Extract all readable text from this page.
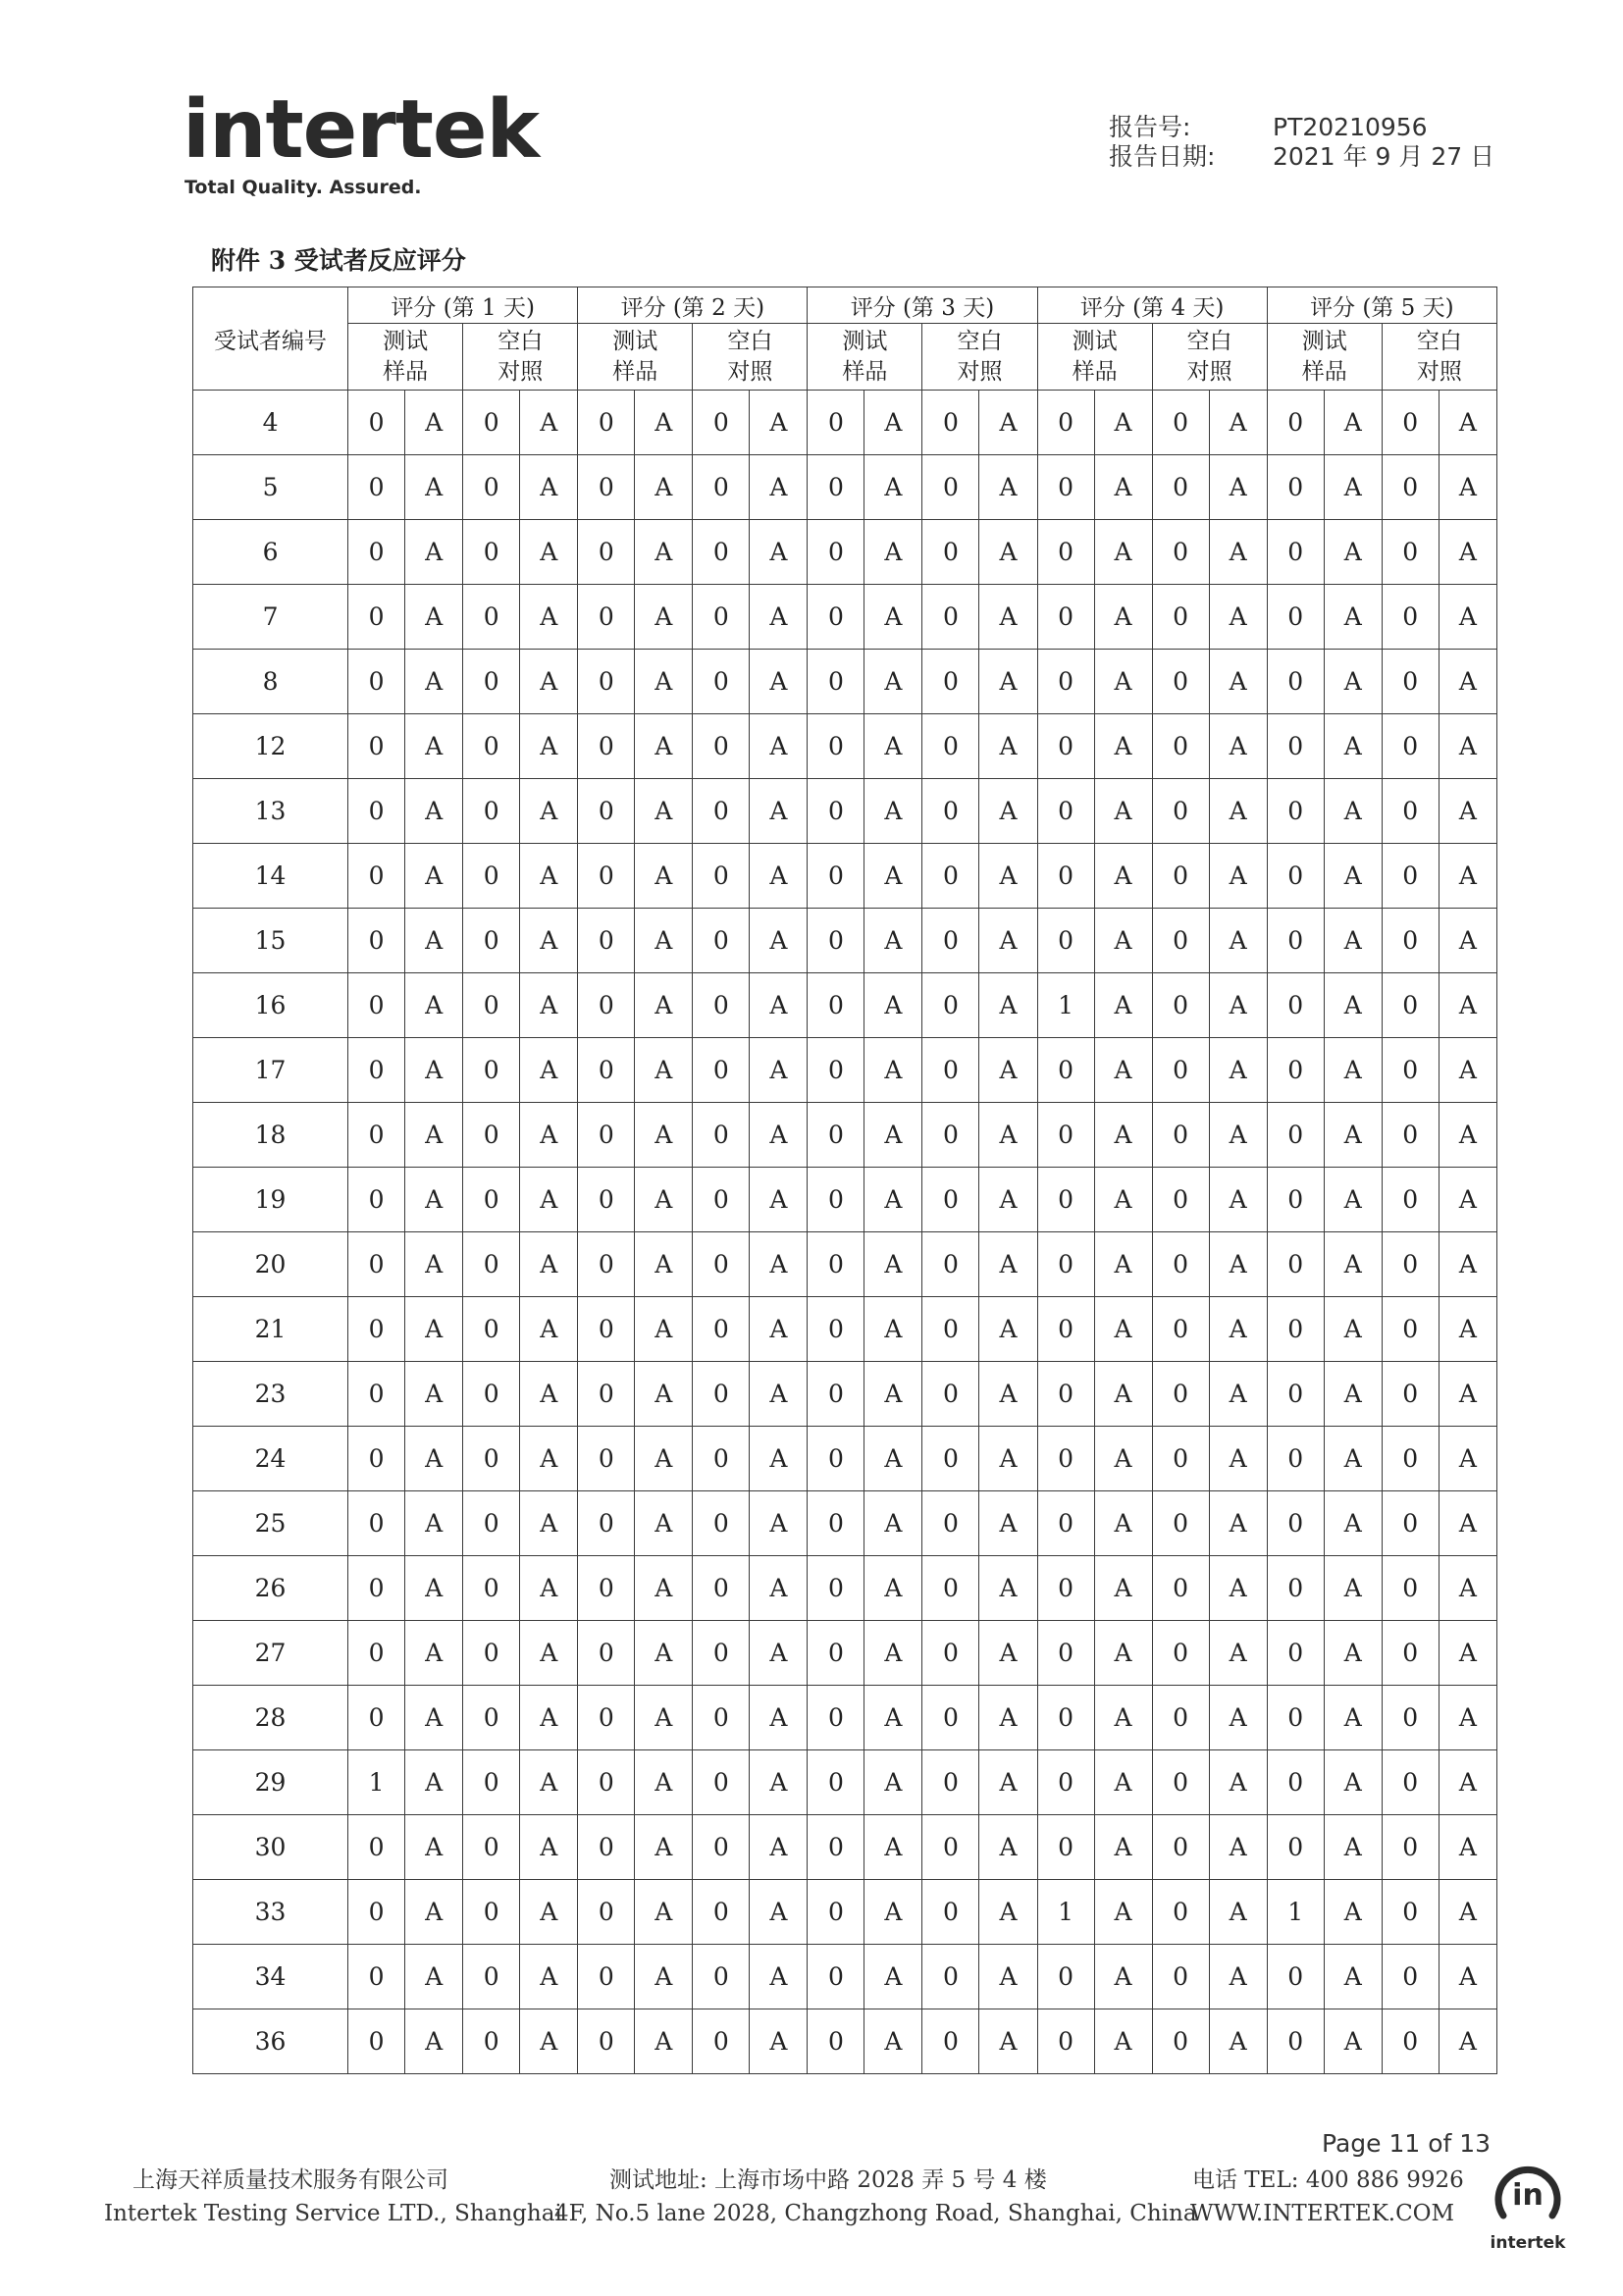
intertek
Total Quality. Assured.
报告号:	PT20210956
报告日期:	2021 年 9 月 27 日
附件 3 受试者反应评分
受试者编号	评分 (第 1 天)				评分 (第 2 天)				评分 (第 3 天)				评分 (第 4 天)				评分 (第 5 天)			
	测试样品		空白对照		测试样品		空白对照		测试样品		空白对照		测试样品		空白对照		测试样品		空白对照	
4	0	A	0	A	0	A	0	A	0	A	0	A	0	A	0	A	0	A	0	A
5	0	A	0	A	0	A	0	A	0	A	0	A	0	A	0	A	0	A	0	A
6	0	A	0	A	0	A	0	A	0	A	0	A	0	A	0	A	0	A	0	A
7	0	A	0	A	0	A	0	A	0	A	0	A	0	A	0	A	0	A	0	A
8	0	A	0	A	0	A	0	A	0	A	0	A	0	A	0	A	0	A	0	A
12	0	A	0	A	0	A	0	A	0	A	0	A	0	A	0	A	0	A	0	A
13	0	A	0	A	0	A	0	A	0	A	0	A	0	A	0	A	0	A	0	A
14	0	A	0	A	0	A	0	A	0	A	0	A	0	A	0	A	0	A	0	A
15	0	A	0	A	0	A	0	A	0	A	0	A	0	A	0	A	0	A	0	A
16	0	A	0	A	0	A	0	A	0	A	0	A	1	A	0	A	0	A	0	A
17	0	A	0	A	0	A	0	A	0	A	0	A	0	A	0	A	0	A	0	A
18	0	A	0	A	0	A	0	A	0	A	0	A	0	A	0	A	0	A	0	A
19	0	A	0	A	0	A	0	A	0	A	0	A	0	A	0	A	0	A	0	A
20	0	A	0	A	0	A	0	A	0	A	0	A	0	A	0	A	0	A	0	A
21	0	A	0	A	0	A	0	A	0	A	0	A	0	A	0	A	0	A	0	A
23	0	A	0	A	0	A	0	A	0	A	0	A	0	A	0	A	0	A	0	A
24	0	A	0	A	0	A	0	A	0	A	0	A	0	A	0	A	0	A	0	A
25	0	A	0	A	0	A	0	A	0	A	0	A	0	A	0	A	0	A	0	A
26	0	A	0	A	0	A	0	A	0	A	0	A	0	A	0	A	0	A	0	A
27	0	A	0	A	0	A	0	A	0	A	0	A	0	A	0	A	0	A	0	A
28	0	A	0	A	0	A	0	A	0	A	0	A	0	A	0	A	0	A	0	A
29	1	A	0	A	0	A	0	A	0	A	0	A	0	A	0	A	0	A	0	A
30	0	A	0	A	0	A	0	A	0	A	0	A	0	A	0	A	0	A	0	A
33	0	A	0	A	0	A	0	A	0	A	0	A	1	A	0	A	1	A	0	A
34	0	A	0	A	0	A	0	A	0	A	0	A	0	A	0	A	0	A	0	A
36	0	A	0	A	0	A	0	A	0	A	0	A	0	A	0	A	0	A	0	A
Page 11 of 13
上海天祥质量技术服务有限公司
Intertek Testing Service LTD., Shanghai
测试地址: 上海市场中路 2028 弄 5 号 4 楼
4F, No.5 lane 2028, Changzhong Road, Shanghai, China
电话 TEL: 400 886 9926
WWW.INTERTEK.COM
in
intertek
